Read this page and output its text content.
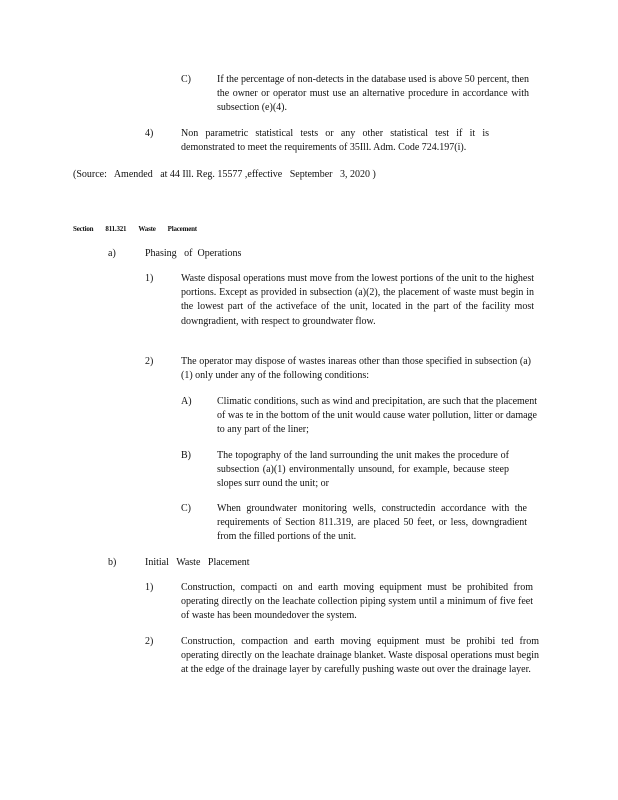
C)	If the percentage of non-detects in the database used is above 50 percent, then the owner or operator must use an alternative procedure in accordance with subsection (e)(4).
4)	Non parametric statistical tests or any other statistical test if it is demonstrated to meet the requirements of 35Ill. Adm. Code 724.197(i).
(Source:   Amended   at 44 Ill. Reg. 15577 ,effective   September   3, 2020 )
Section 811.321 Waste Placement
a)	Phasing   of  Operations
1)	Waste disposal operations must move from the lowest portions of the unit to the highest portions. Except as provided in subsection (a)(2), the placement of waste must begin in the lowest part of the activeface of the unit, located in the part of the facility most downgradient, with respect to groundwater flow.
2)	The operator may dispose of wastes inareas other than those specified in subsection (a)(1) only under any of the following conditions:
A)	Climatic conditions, such as wind and precipitation, are such that the placement of was te in the bottom of the unit would cause water pollution, litter or damage to any part of the liner;
B)	The topography of the land surrounding the unit makes the procedure of subsection (a)(1) environmentally unsound, for example, because steep slopes surr ound the unit; or
C)	When groundwater monitoring wells, constructedin accordance with the requirements of Section 811.319, are placed 50 feet, or less, downgradient from the filled portions of the unit.
b)	Initial   Waste   Placement
1)	Construction, compacti on and earth moving equipment must be prohibited from operating directly on the leachate collection piping system until a minimum of five feet of waste has been moundedover the system.
2)	Construction, compaction and earth moving equipment must be prohibi ted from operating directly on the leachate drainage blanket. Waste disposal operations must begin at the edge of the drainage layer by carefully pushing waste out over the drainage layer.
